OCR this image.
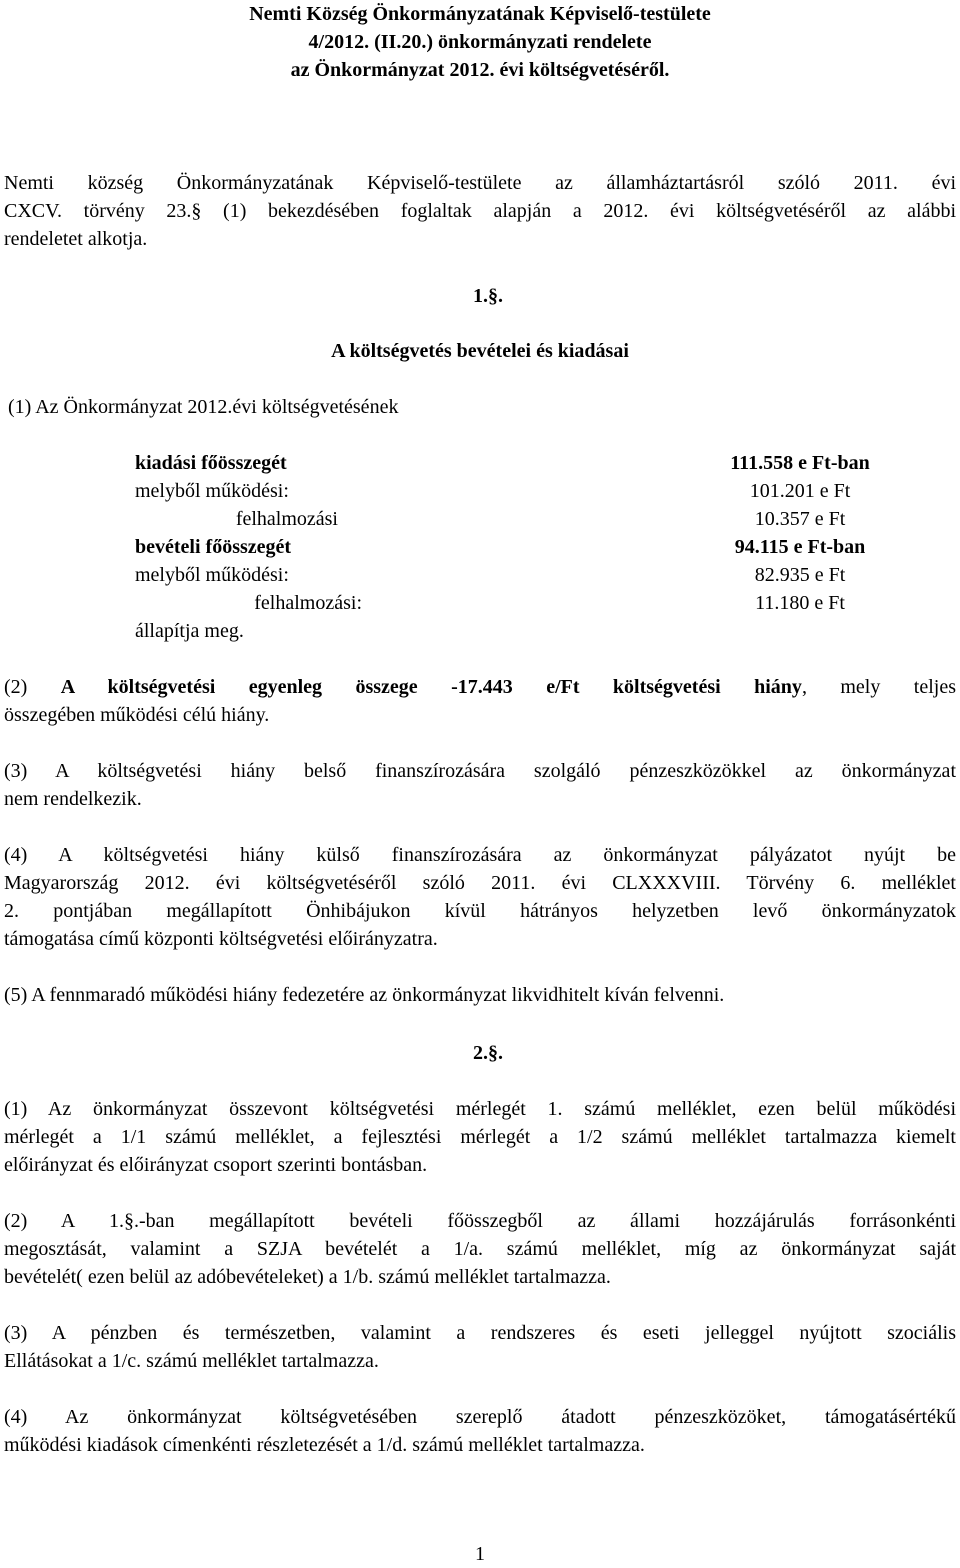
Nemti Község Önkormányzatának Képviselő-testülete
4/2012. (II.20.) önkormányzati rendelete
az Önkormányzat 2012. évi költségvetéséről.
Nemti község Önkormányzatának Képviselő-testülete az államháztartásról szóló 2011. évi
CXCV. törvény 23.§ (1) bekezdésében foglaltak alapján a 2012. évi költségvetéséről az alábbi
rendeletet alkotja.
1.§.
A költségvetés bevételei és kiadásai
(1) Az Önkormányzat 2012.évi költségvetésének
kiadási főösszegét	111.558 e Ft-ban
melyből működési:	101.201 e Ft
felhalmozási	10.357 e Ft
bevételi főösszegét	94.115 e Ft-ban
melyből működési:	82.935 e Ft
felhalmozási:	11.180 e Ft
állapítja meg.
(2) A költségvetési egyenleg összege -17.443 e/Ft költségvetési hiány, mely teljes
összegében működési célú hiány.
(3) A költségvetési hiány belső finanszírozására szolgáló pénzeszközökkel az önkormányzat
nem rendelkezik.
(4) A költségvetési hiány külső finanszírozására az önkormányzat pályázatot nyújt be
Magyarország 2012. évi költségvetéséről szóló 2011. évi CLXXXVIII. Törvény 6. melléklet
2. pontjában megállapított Önhibájukon kívül hátrányos helyzetben levő önkormányzatok
támogatása című központi költségvetési előirányzatra.
(5) A fennmaradó működési hiány fedezetére az önkormányzat likvidhitelt kíván felvenni.
2.§.
(1) Az önkormányzat összevont költségvetési mérlegét 1. számú melléklet, ezen belül működési
mérlegét a 1/1 számú melléklet, a fejlesztési mérlegét a 1/2 számú melléklet tartalmazza kiemelt
előirányzat és előirányzat csoport szerinti bontásban.
(2) A 1.§.-ban megállapított bevételi főösszegből az állami hozzájárulás forrásonkénti
megosztását, valamint a SZJA bevételét a 1/a. számú melléklet, míg az önkormányzat saját
bevételét( ezen belül az adóbevételeket) a 1/b. számú melléklet tartalmazza.
(3) A pénzben és természetben, valamint a rendszeres és eseti jelleggel nyújtott szociális
Ellátásokat a 1/c. számú melléklet tartalmazza.
(4) Az önkormányzat költségvetésében szereplő átadott pénzeszközöket, támogatásértékű
működési kiadások címenkénti részletezését a 1/d. számú melléklet tartalmazza.
1
